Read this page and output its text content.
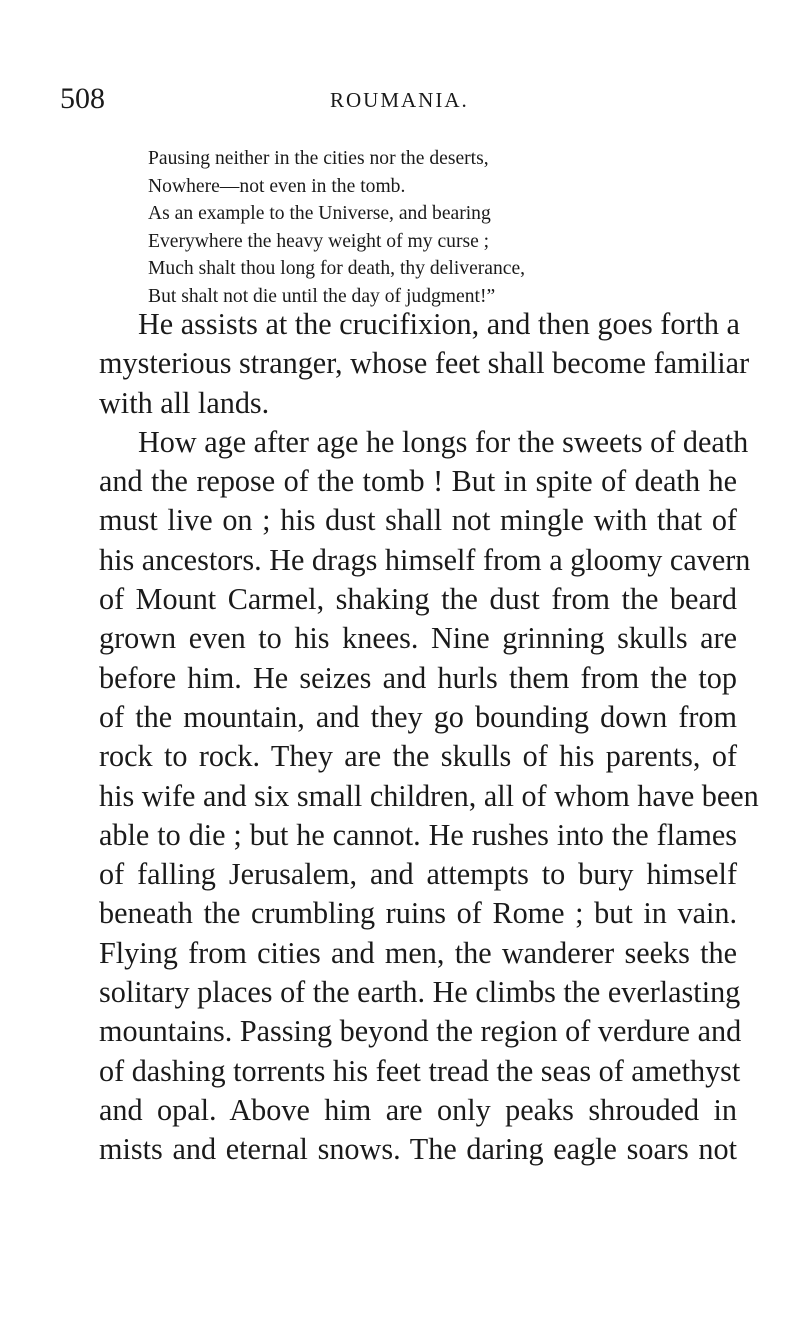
508	ROUMANIA.
Pausing neither in the cities nor the deserts,
Nowhere—not even in the tomb.
As an example to the Universe, and bearing
Everywhere the heavy weight of my curse ;
Much shalt thou long for death, thy deliverance,
But shalt not die until the day of judgment!”

He assists at the crucifixion, and then goes forth a
mysterious stranger, whose feet shall become familiar
with all lands.

How age after age he longs for the sweets of death
and the repose of the tomb ! But in spite of death he
must live on ; his dust shall not mingle with that of
his ancestors. He drags himself from a gloomy cavern
of Mount Carmel, shaking the dust from the beard
grown even to his knees. Nine grinning skulls are
before him. He seizes and hurls them from the top
of the mountain, and they go bounding down from
rock to rock. They are the skulls of his parents, of
his wife and six small children, all of whom have been
able to die ; but he cannot. He rushes into the flames
of falling Jerusalem, and attempts to bury himself
beneath the crumbling ruins of Rome ; but in vain.
Flying from cities and men, the wanderer seeks the
solitary places of the earth. He climbs the everlasting
mountains. Passing beyond the region of verdure and
of dashing torrents his feet tread the seas of amethyst
and opal. Above him are only peaks shrouded in
mists and eternal snows. The daring eagle soars not
